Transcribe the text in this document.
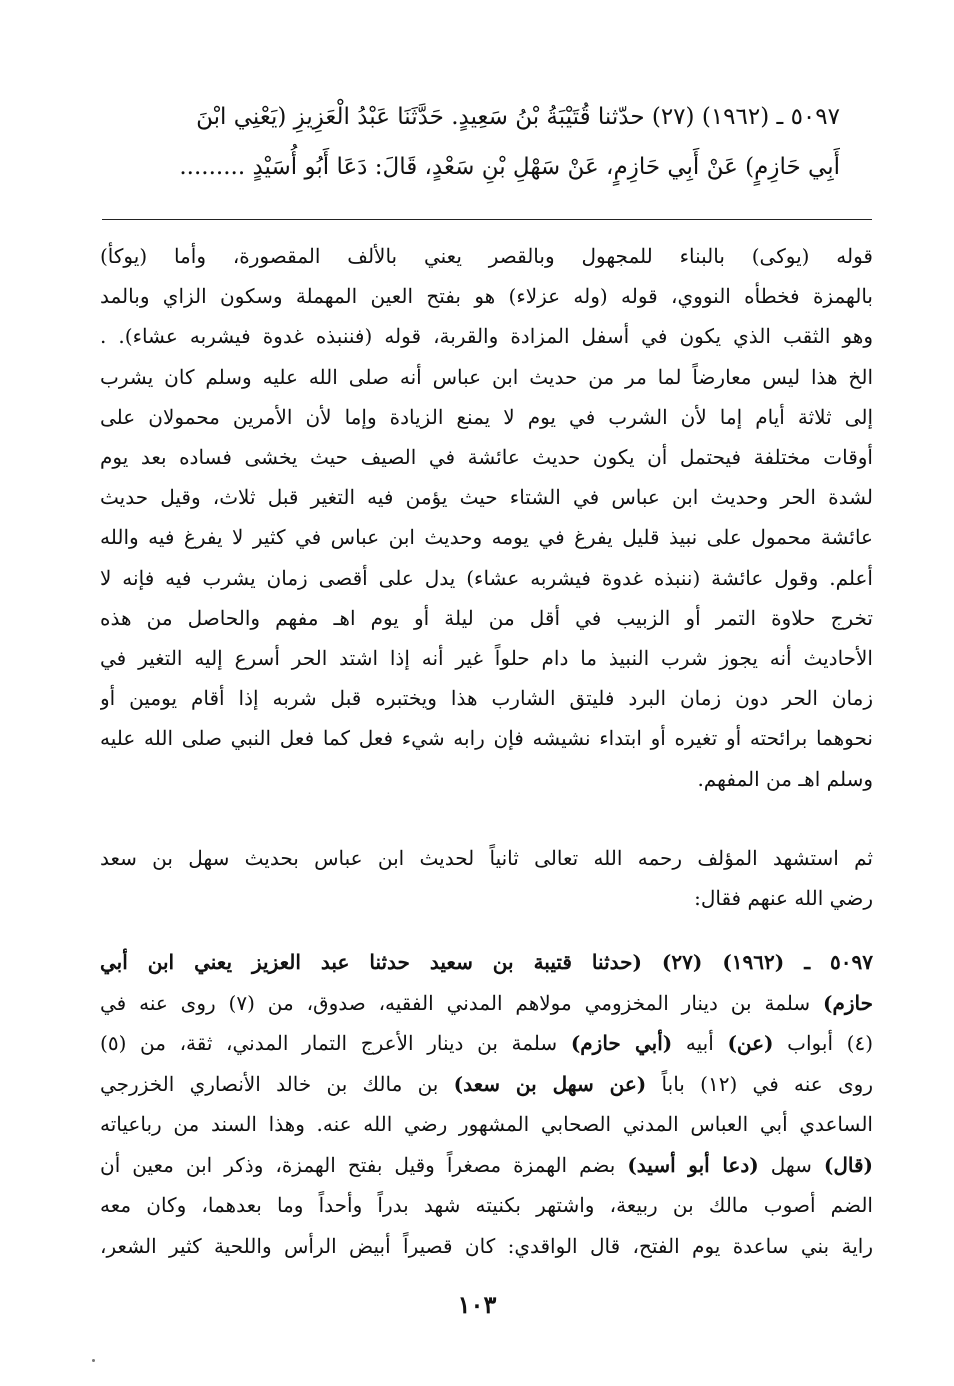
٥٠٩٧ ـ (١٩٦٢) (٢٧) حدّثنا قُتَيْبَةُ بْنُ سَعِيدٍ. حَدَّثَنَا عَبْدُ الْعَزِيزِ (يَعْنِي ابْنَ
أَبِي حَازِمٍ) عَنْ أَبِي حَازِمٍ، عَنْ سَهْلِ بْنِ سَعْدٍ، قَالَ: دَعَا أَبُو أُسَيْدٍ .........
قوله (يوكى) بالبناء للمجهول وبالقصر يعني بالألف المقصورة، وأما (يوكأ)
بالهمزة فخطأه النووي، قوله (وله عزلاء) هو بفتح العين المهملة وسكون الزاي وبالمد
وهو الثقب الذي يكون في أسفل المزادة والقربة، قوله (فننبذه غدوة فيشربه عشاء). .
الخ هذا ليس معارضاً لما مر من حديث ابن عباس أنه صلى الله عليه وسلم كان يشرب
إلى ثلاثة أيام إما لأن الشرب في يوم لا يمنع الزيادة وإما لأن الأمرين محمولان على
أوقات مختلفة فيحتمل أن يكون حديث عائشة في الصيف حيث يخشى فساده بعد يوم
لشدة الحر وحديث ابن عباس في الشتاء حيث يؤمن فيه التغير قبل ثلاث، وقيل حديث
عائشة محمول على نبيذ قليل يفرغ في يومه وحديث ابن عباس في كثير لا يفرغ فيه والله
أعلم. وقول عائشة (ننبذه غدوة فيشربه عشاء) يدل على أقصى زمان يشرب فيه فإنه لا
تخرج حلاوة التمر أو الزبيب في أقل من ليلة أو يوم اهـ مفهم والحاصل من هذه
الأحاديث أنه يجوز شرب النبيذ ما دام حلواً غير أنه إذا اشتد الحر أسرع إليه التغير في
زمان الحر دون زمان البرد فليتق الشارب هذا ويختبره قبل شربه إذا أقام يومين أو
نحوهما برائحته أو تغيره أو ابتداء نشيشه فإن رابه شيء فعل كما فعل النبي صلى الله عليه
وسلم اهـ من المفهم.
ثم استشهد المؤلف رحمه الله تعالى ثانياً لحديث ابن عباس بحديث سهل بن سعد
رضي الله عنهم فقال:
٥٠٩٧ ـ (١٩٦٢) (٢٧) (حدثنا قتيبة بن سعيد حدثنا عبد العزيز يعني ابن أبي
حازم) سلمة بن دينار المخزومي مولاهم المدني الفقيه، صدوق، من (٧) روى عنه في
(٤) أبواب (عن) أبيه (أبي حازم) سلمة بن دينار الأعرج التمار المدني، ثقة، من (٥)
روى عنه في (١٢) باباً (عن سهل بن سعد) بن مالك بن خالد الأنصاري الخزرجي
الساعدي أبي العباس المدني الصحابي المشهور رضي الله عنه. وهذا السند من رباعياته
(قال) سهل (دعا أبو أسيد) بضم الهمزة مصغراً وقيل بفتح الهمزة، وذكر ابن معين أن
الضم أصوب مالك بن ربيعة، واشتهر بكنيته شهد بدراً وأحداً وما بعدهما، وكان معه
راية بني ساعدة يوم الفتح، قال الواقدي: كان قصيراً أبيض الرأس واللحية كثير الشعر،
١٠٣
